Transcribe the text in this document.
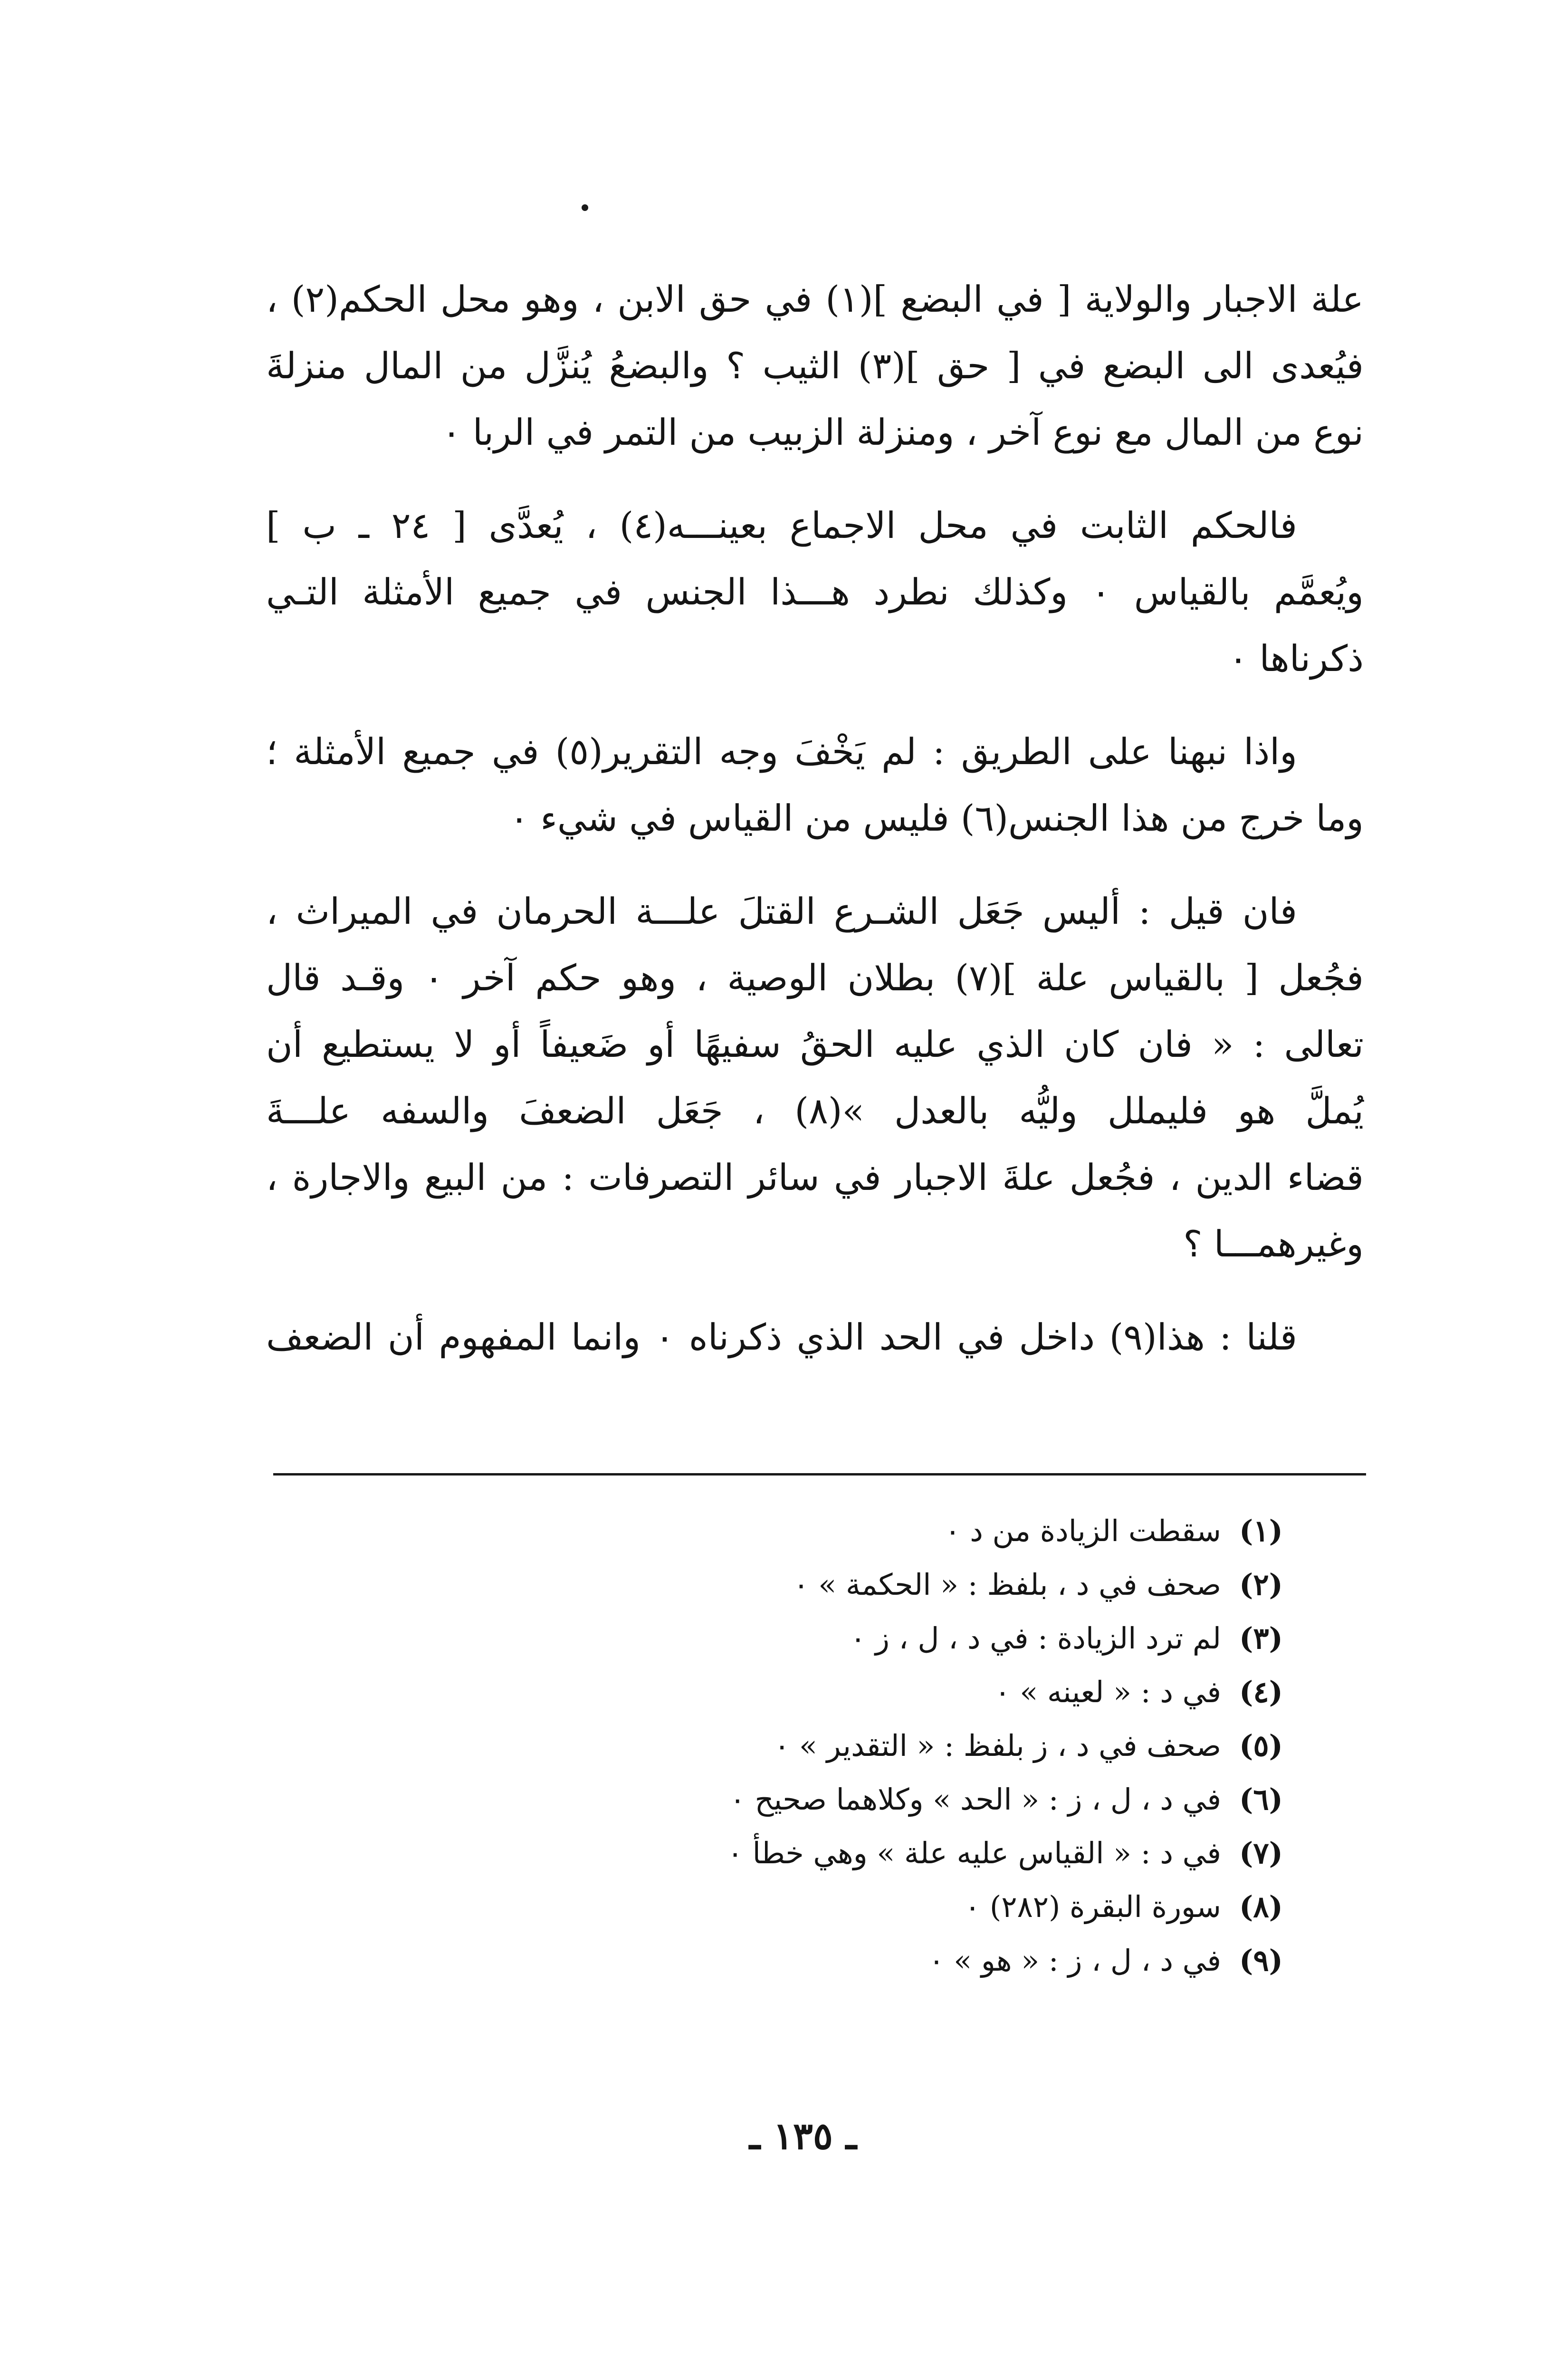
علة الاجبار والولاية [ في البضع ](١) في حق الابن ، وهو محل الحكم(٢) ،
فيُعدى الى البضع في [ حق ](٣) الثيب ؟ والبضعُ يُنزَّل من المال منزلةَ
نوع من المال مع نوع آخر ، ومنزلة الزبيب من التمر في الربا ٠

فالحكم الثابت في محل الاجماع بعينـــه(٤) ، يُعدَّى [ ٢٤ ـ ب ]
ويُعمَّم بالقياس ٠ وكذلك نطرد هـــذا الجنس في جميع الأمثلة التـي
ذكرناها ٠

واذا نبهنا على الطريق : لم يَخْفَ وجه التقرير(٥) في جميع الأمثلة ؛
وما خرج من هذا الجنس(٦) فليس من القياس في شيء ٠

فان قيل : أليس جَعَل الشـرع القتلَ علـــة الحرمان في الميراث ،
فجُعل [ بالقياس علة ](٧) بطلان الوصية ، وهو حكم آخر ٠ وقـد قال
تعالى : « فان كان الذي عليه الحقُ سفيهًا أو ضَعيفاً أو لا يستطيع أن
يُملَّ هو فليملل وليُّه بالعدل »(٨) ، جَعَل الضعفَ والسفه علـــةَ
قضاء الدين ، فجُعل علةَ الاجبار في سائر التصرفات : من البيع والاجارة ،
وغيرهمـــا ؟

قلنا : هذا(٩) داخل في الحد الذي ذكرناه ٠ وانما المفهوم أن الضعف

(١)سقطت الزيادة من د ٠
(٢)صحف في د ، بلفظ : « الحكمة » ٠
(٣)لم ترد الزيادة : في د ، ل ، ز ٠
(٤)في د : « لعينه » ٠
(٥)صحف في د ، ز بلفظ : « التقدير » ٠
(٦)في د ، ل ، ز : « الحد » وكلاهما صحيح ٠
(٧)في د : « القياس عليه علة » وهي خطأ ٠
(٨)سورة البقرة (٢٨٢) ٠
(٩)في د ، ل ، ز : « هو » ٠
ـ ١٣٥ ـ
